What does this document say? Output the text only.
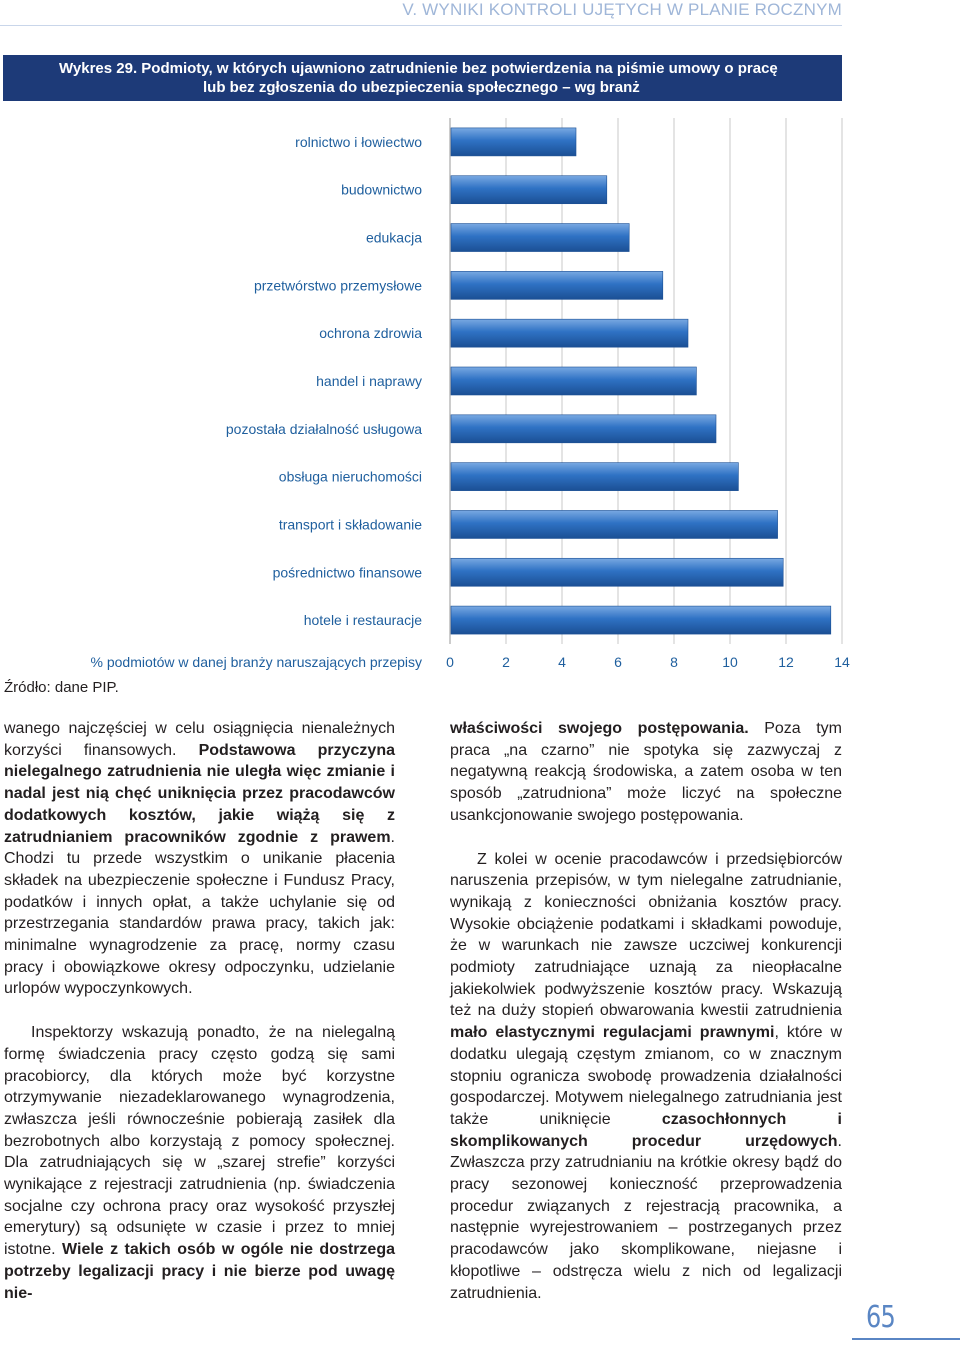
V. WYNIKI KONTROLI UJĘTYCH W PLANIE ROCZNYM
Wykres 29. Podmioty, w których ujawniono zatrudnienie bez potwierdzenia na piśmie umowy o pracę
lub bez zgłoszenia do ubezpieczenia społecznego – wg branż
rolnictwo i łowiectwo
budownictwo
edukacja
przetwórstwo przemysłowe
ochrona zdrowia
handel i naprawy
pozostała działalność usługowa
obsługa nieruchomości
transport i składowanie
pośrednictwo finansowe
hotele i restauracje
0	2	4	6	8	10	12	14
% podmiotów w danej branży naruszających przepisy
Źródło: dane PIP.

wanego najczęściej w celu osiągnięcia nienależnych korzyści finansowych. Podstawowa przyczyna nielegalnego zatrudnienia nie uległa więc zmianie i nadal jest nią chęć uniknięcia przez pracodawców dodatkowych kosztów, jakie wiążą się z zatrudnianiem pracowników zgodnie z prawem. Chodzi tu przede wszystkim o unikanie płacenia składek na ubezpieczenie społeczne i Fundusz Pracy, podatków i innych opłat, a także uchylanie się od przestrzegania standardów prawa pracy, takich jak: minimalne wynagrodzenie za pracę, normy czasu pracy i obowiązkowe okresy odpoczynku, udzielanie urlopów wypoczynkowych.

Inspektorzy wskazują ponadto, że na nielegalną formę świadczenia pracy często godzą się sami pracobiorcy, dla których może być korzystne otrzymywanie niezadeklarowanego wynagrodzenia, zwłaszcza jeśli równocześnie pobierają zasiłek dla bezrobotnych albo korzystają z pomocy społecznej. Dla zatrudniających się w „szarej strefie” korzyści wynikające z rejestracji zatrudnienia (np. świadczenia socjalne czy ochrona pracy oraz wysokość przyszłej emerytury) są odsunięte w czasie i przez to mniej istotne. Wiele z takich osób w ogóle nie dostrzega potrzeby legalizacji pracy i nie bierze pod uwagę nie-

właściwości swojego postępowania. Poza tym praca „na czarno” nie spotyka się zazwyczaj z negatywną reakcją środowiska, a zatem osoba w ten sposób „zatrudniona” może liczyć na społeczne usankcjonowanie swojego postępowania.

Z kolei w ocenie pracodawców i przedsiębiorców naruszenia przepisów, w tym nielegalne zatrudnianie, wynikają z konieczności obniżania kosztów pracy. Wysokie obciążenie podatkami i składkami powoduje, że w warunkach nie zawsze uczciwej konkurencji podmioty zatrudniające uznają za nieopłacalne jakiekolwiek podwyższenie kosztów pracy. Wskazują też na duży stopień obwarowania kwestii zatrudnienia mało elastycznymi regulacjami prawnymi, które w dodatku ulegają częstym zmianom, co w znacznym stopniu ogranicza swobodę prowadzenia działalności gospodarczej. Motywem nielegalnego zatrudniania jest także uniknięcie czasochłonnych i skomplikowanych procedur urzędowych. Zwłaszcza przy zatrudnianiu na krótkie okresy bądź do pracy sezonowej konieczność przeprowadzenia procedur związanych z rejestracją pracownika, a następnie wyrejestrowaniem – postrzeganych przez pracodawców jako skomplikowane, niejasne i kłopotliwe – odstręcza wielu z nich od legalizacji zatrudnienia.

65
